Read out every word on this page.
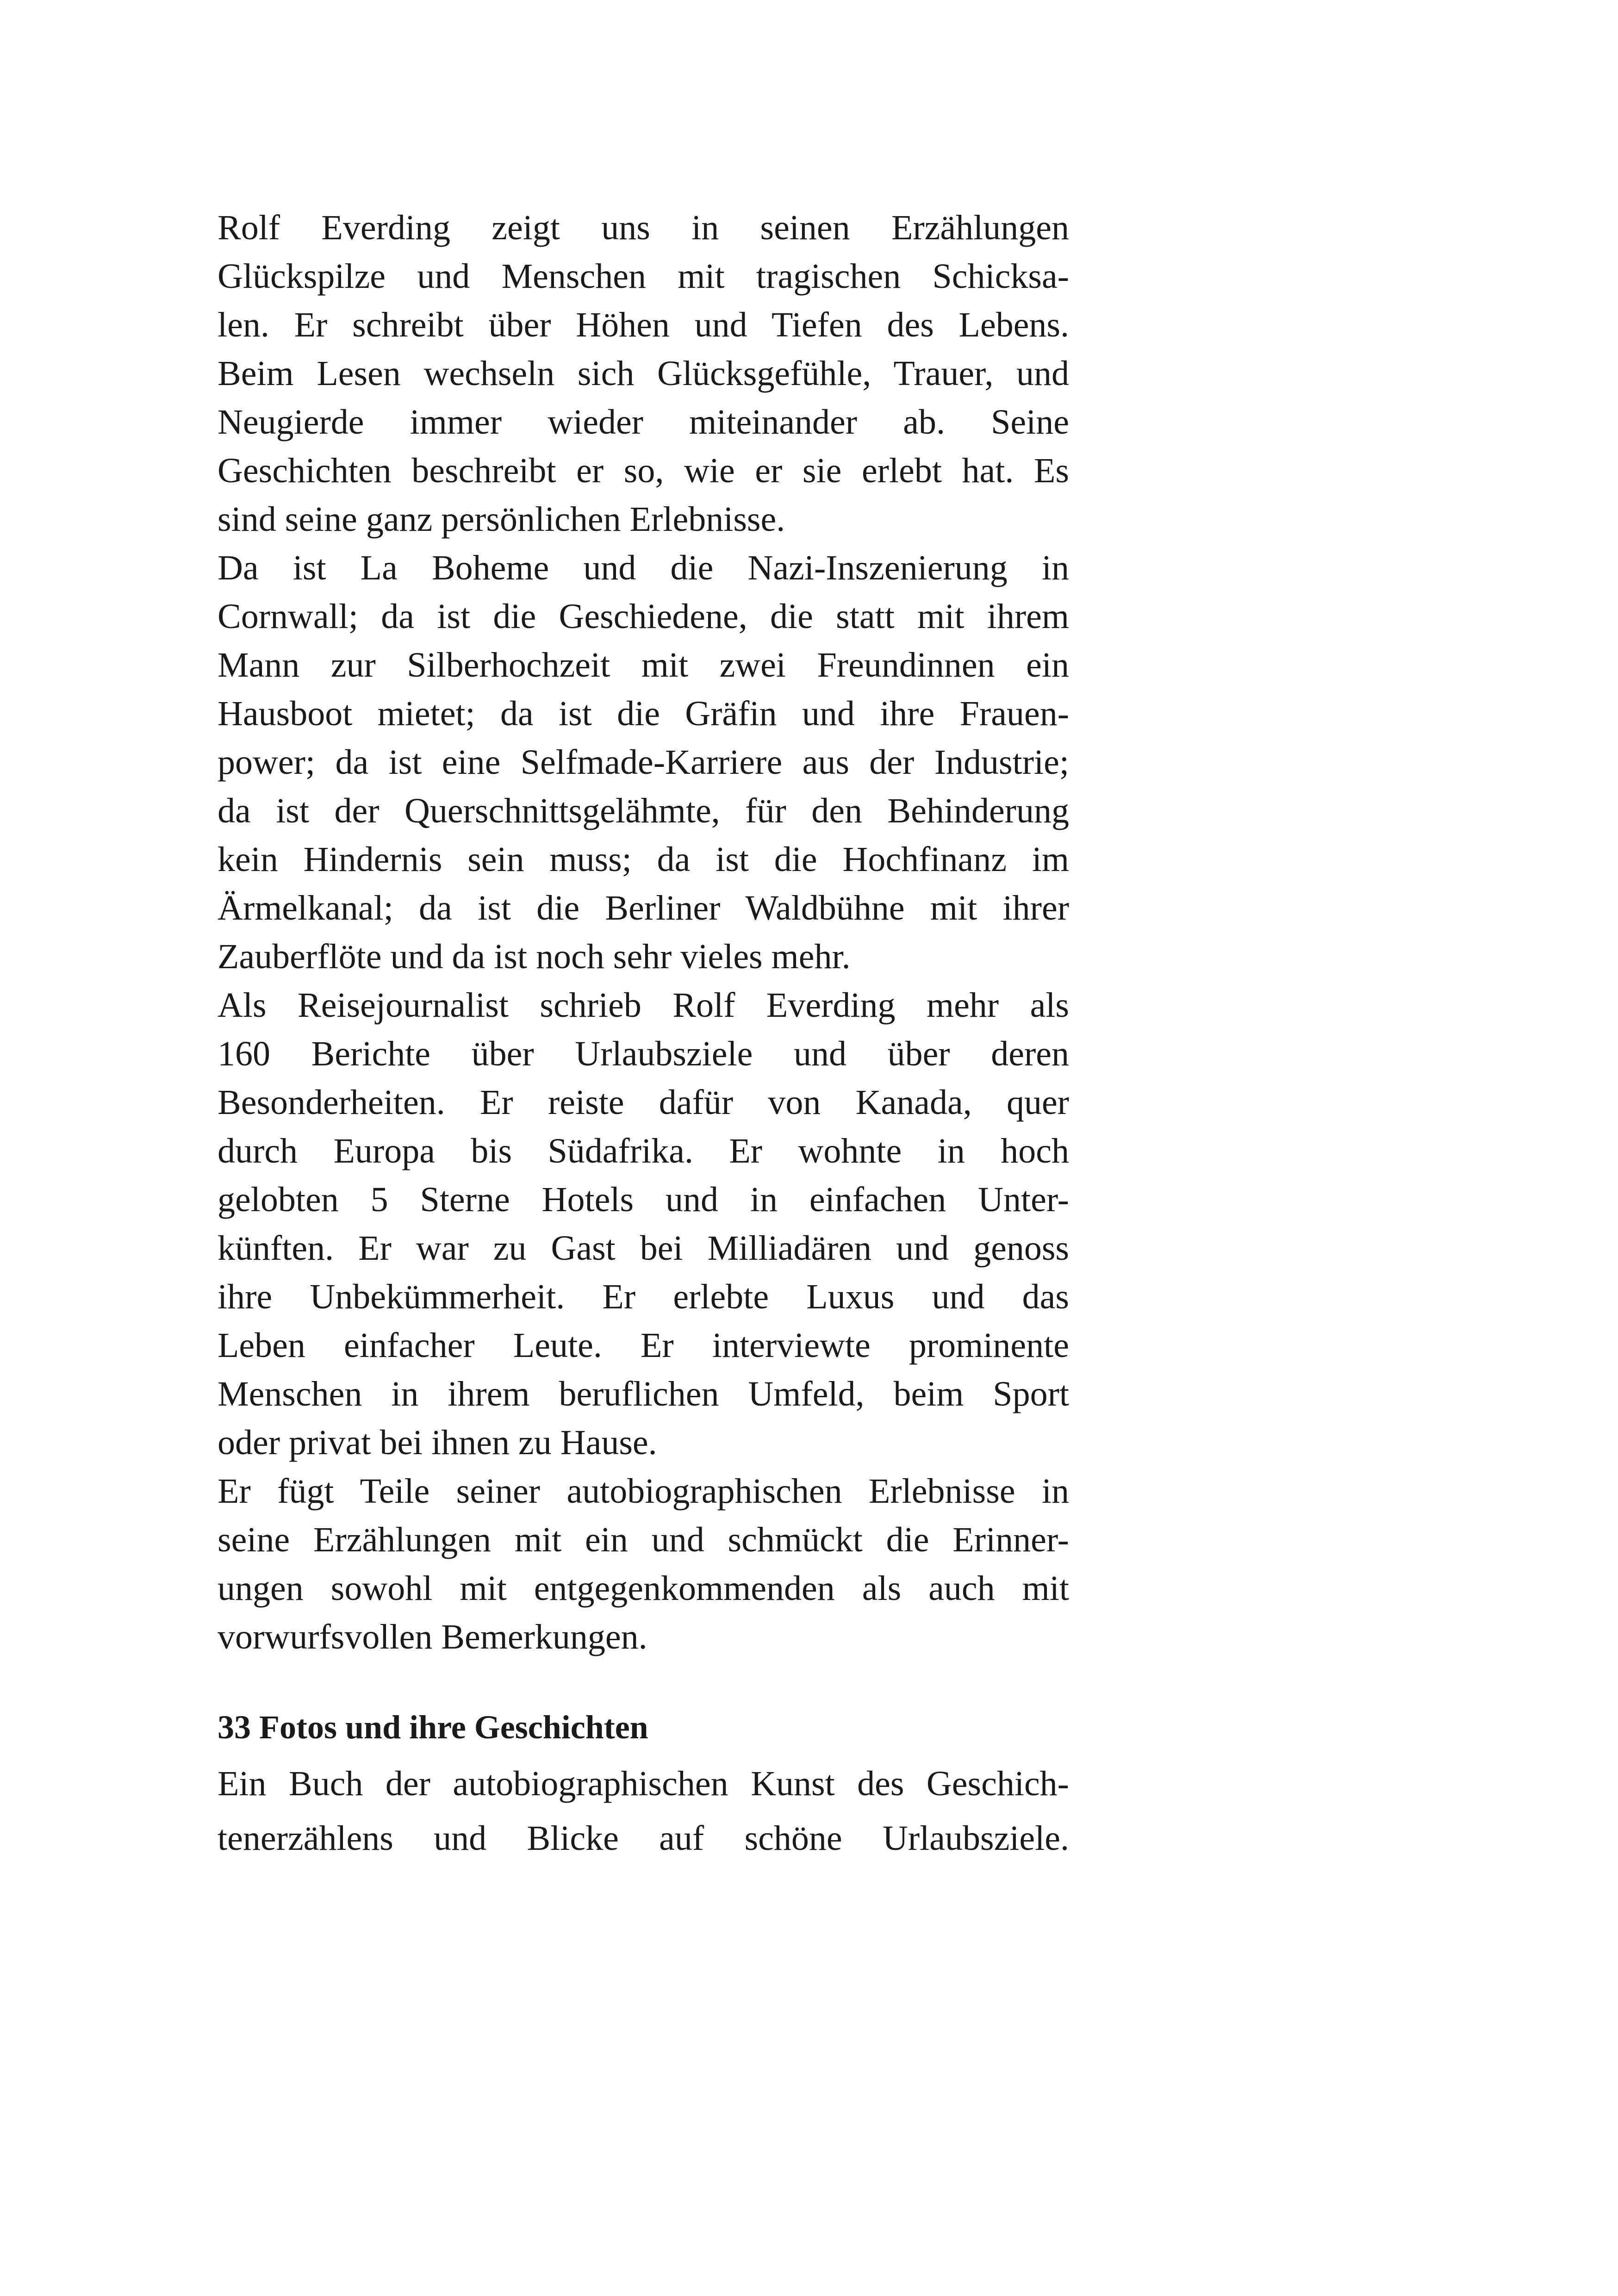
Rolf Everding zeigt uns in seinen Erzählungen
Glückspilze und Menschen mit tragischen Schicksa-
len. Er schreibt über Höhen und Tiefen des Lebens.
Beim Lesen wechseln sich Glücksgefühle, Trauer, und
Neugierde immer wieder miteinander ab. Seine
Geschichten beschreibt er so, wie er sie erlebt hat. Es
sind seine ganz persönlichen Erlebnisse.
Da ist La Boheme und die Nazi-Inszenierung in
Cornwall; da ist die Geschiedene, die statt mit ihrem
Mann zur Silberhochzeit mit zwei Freundinnen ein
Hausboot mietet; da ist die Gräfin und ihre Frauen-
power; da ist eine Selfmade-Karriere aus der Industrie;
da ist der Querschnittsgelähmte, für den Behinderung
kein Hindernis sein muss; da ist die Hochfinanz im
Ärmelkanal; da ist die Berliner Waldbühne mit ihrer
Zauberflöte und da ist noch sehr vieles mehr.
Als Reisejournalist schrieb Rolf Everding mehr als
160 Berichte über Urlaubsziele und über deren
Besonderheiten. Er reiste dafür von Kanada, quer
durch Europa bis Südafrika. Er wohnte in hoch
gelobten 5 Sterne Hotels und in einfachen Unter-
künften. Er war zu Gast bei Milliadären und genoss
ihre Unbekümmerheit. Er erlebte Luxus und das
Leben einfacher Leute. Er interviewte prominente
Menschen in ihrem beruflichen Umfeld, beim Sport
oder privat bei ihnen zu Hause.
Er fügt Teile seiner autobiographischen Erlebnisse in
seine Erzählungen mit ein und schmückt die Erinner-
ungen sowohl mit entgegenkommenden als auch mit
vorwurfsvollen Bemerkungen.
33 Fotos und ihre Geschichten
Ein Buch der autobiographischen Kunst des Geschich-
tenerzählens und Blicke auf schöne Urlaubsziele.
